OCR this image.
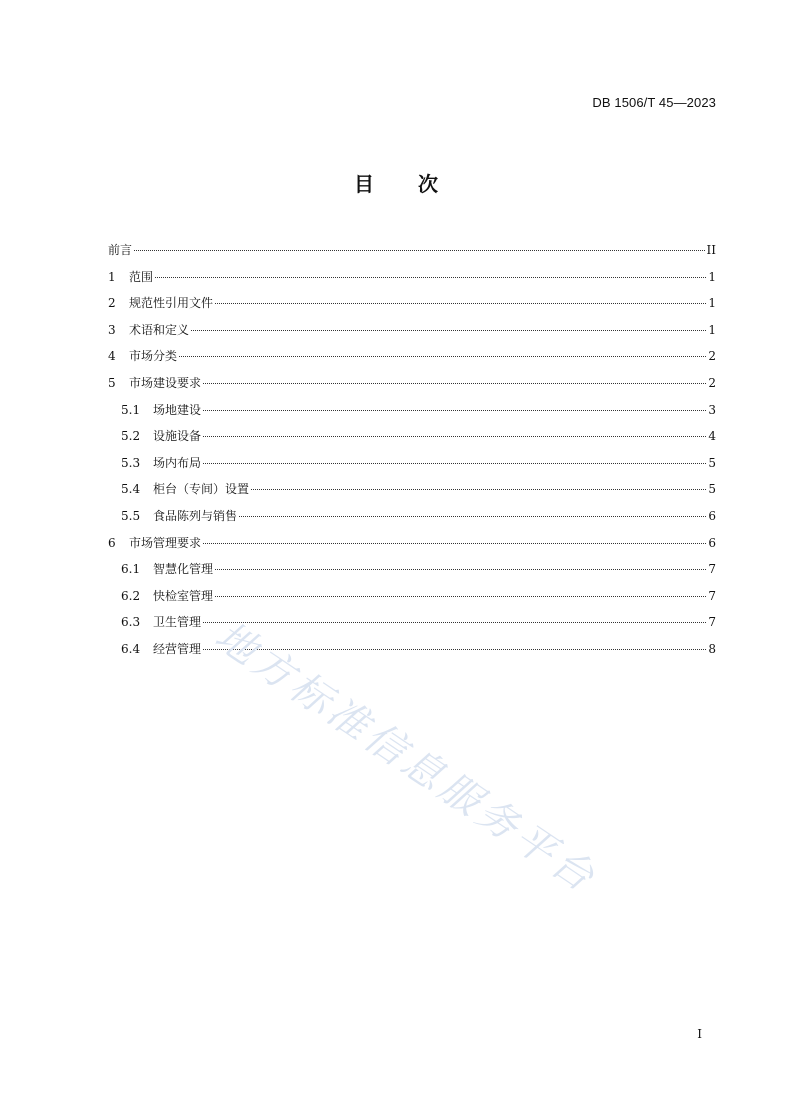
DB 1506/T 45—2023
目 次
前言	II
1	范围	1
2	规范性引用文件	1
3	术语和定义	1
4	市场分类	2
5	市场建设要求	2
5.1	场地建设	3
5.2	设施设备	4
5.3	场内布局	5
5.4	柜台（专间）设置	5
5.5	食品陈列与销售	6
6	市场管理要求	6
6.1	智慧化管理	7
6.2	快检室管理	7
6.3	卫生管理	7
6.4	经营管理	8
地方标准信息服务平台
I
